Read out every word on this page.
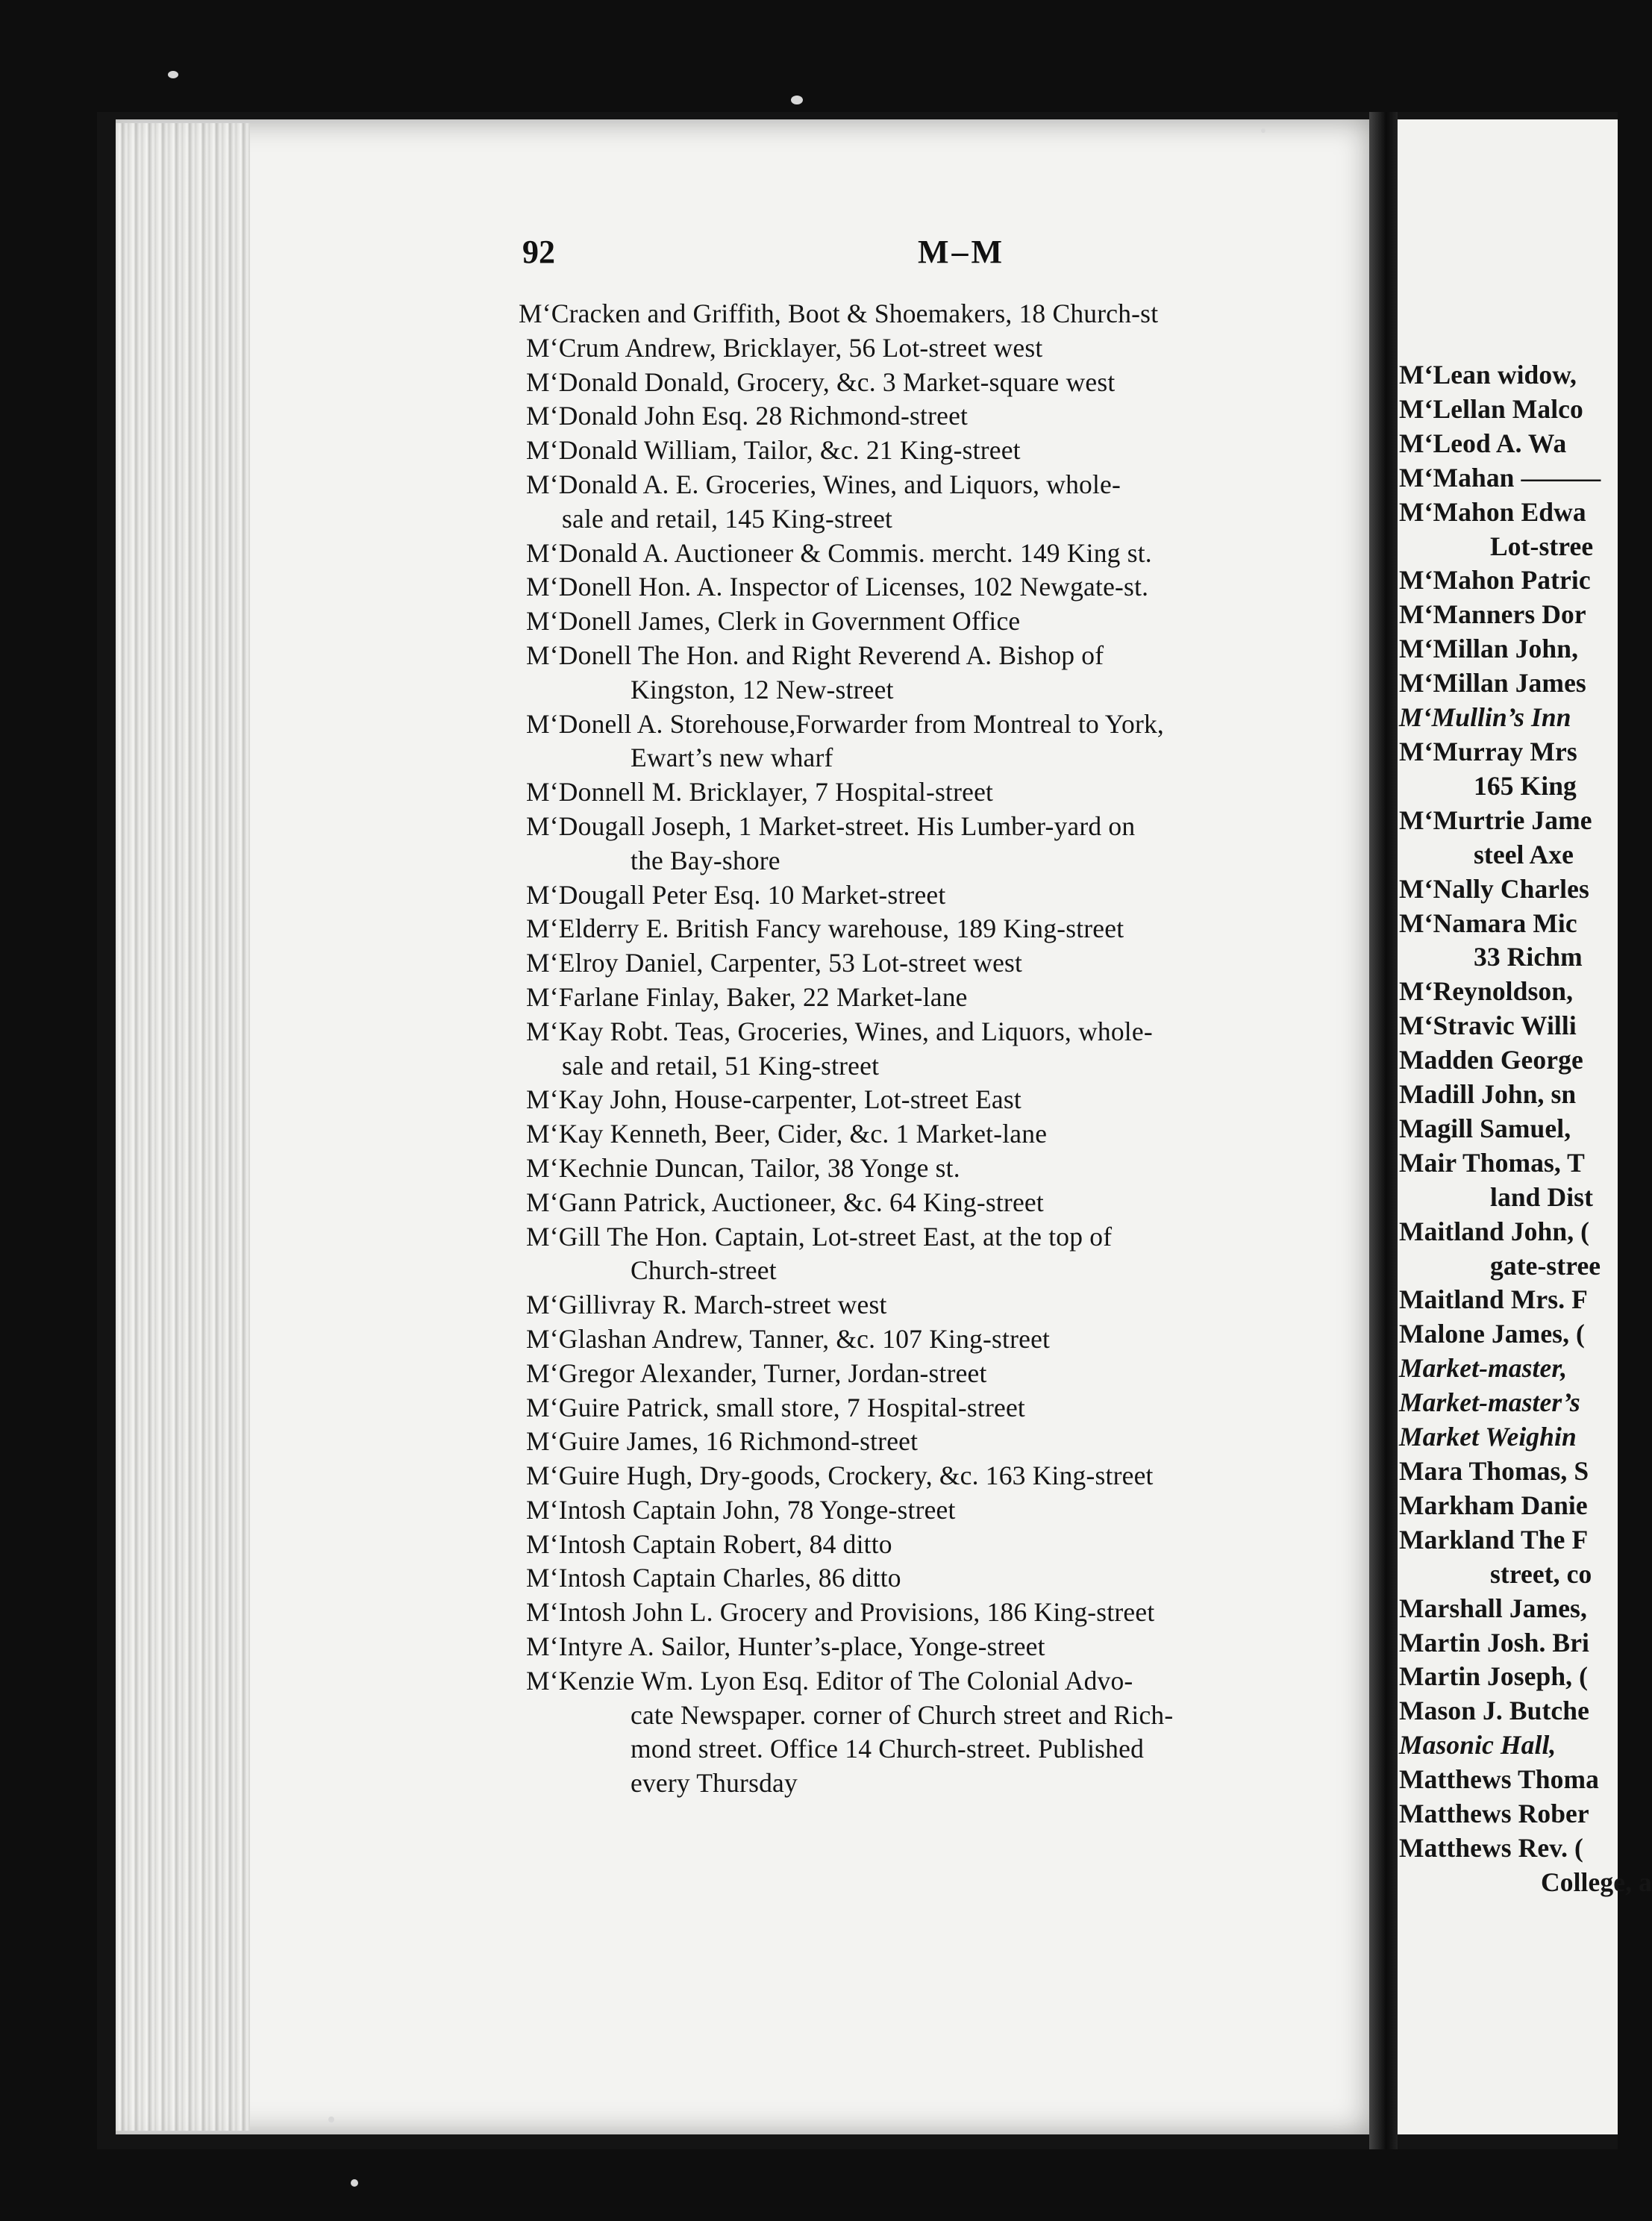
92	M–M
M‘Cracken and Griffith, Boot & Shoemakers, 18 Church-st
M‘Crum Andrew, Bricklayer, 56 Lot-street west
M‘Donald Donald, Grocery, &c. 3 Market-square west
M‘Donald John Esq. 28 Richmond-street
M‘Donald William, Tailor, &c. 21 King-street
M‘Donald A. E. Groceries, Wines, and Liquors, whole-
sale and retail, 145 King-street
M‘Donald A. Auctioneer & Commis. mercht. 149 King st.
M‘Donell Hon. A. Inspector of Licenses, 102 Newgate-st.
M‘Donell James, Clerk in Government Office
M‘Donell The Hon. and Right Reverend A. Bishop of
Kingston, 12 New-street
M‘Donell A. Storehouse,Forwarder from Montreal to York,
Ewart’s new wharf
M‘Donnell M. Bricklayer, 7 Hospital-street
M‘Dougall Joseph, 1 Market-street. His Lumber-yard on
the Bay-shore
M‘Dougall Peter Esq. 10 Market-street
M‘Elderry E. British Fancy warehouse, 189 King-street
M‘Elroy Daniel, Carpenter, 53 Lot-street west
M‘Farlane Finlay, Baker, 22 Market-lane
M‘Kay Robt. Teas, Groceries, Wines, and Liquors, whole-
sale and retail, 51 King-street
M‘Kay John, House-carpenter, Lot-street East
M‘Kay Kenneth, Beer, Cider, &c. 1 Market-lane
M‘Kechnie Duncan, Tailor, 38 Yonge st.
M‘Gann Patrick, Auctioneer, &c. 64 King-street
M‘Gill The Hon. Captain, Lot-street East, at the top of
Church-street
M‘Gillivray R. March-street west
M‘Glashan Andrew, Tanner, &c. 107 King-street
M‘Gregor Alexander, Turner, Jordan-street
M‘Guire Patrick, small store, 7 Hospital-street
M‘Guire James, 16 Richmond-street
M‘Guire Hugh, Dry-goods, Crockery, &c. 163 King-street
M‘Intosh Captain John, 78 Yonge-street
M‘Intosh Captain Robert, 84 ditto
M‘Intosh Captain Charles, 86 ditto
M‘Intosh John L. Grocery and Provisions, 186 King-street
M‘Intyre A. Sailor, Hunter’s-place, Yonge-street
M‘Kenzie Wm. Lyon Esq. Editor of The Colonial Advo-
cate Newspaper. corner of Church street and Rich-
mond street. Office 14 Church-street. Published
every Thursday
M‘Lean widow,
M‘Lellan Malco
M‘Leod A. Wa
M‘Mahan ———
M‘Mahon Edwa
Lot-stree
M‘Mahon Patric
M‘Manners Dor
M‘Millan John,
M‘Millan James
M‘Mullin’s Inn
M‘Murray Mrs
165 King
M‘Murtrie Jame
steel Axe
M‘Nally Charles
M‘Namara Mic
33 Richm
M‘Reynoldson,
M‘Stravic Willi
Madden George
Madill John, sn
Magill Samuel,
Mair Thomas, T
land Dist
Maitland John, (
gate-stree
Maitland Mrs. F
Malone James, (
Market-master,
Market-master’s
Market Weighin
Mara Thomas, S
Markham Danie
Markland The F
street, co
Marshall James,
Martin Josh. Bri
Martin Joseph, (
Mason J. Butche
Masonic Hall,
Matthews Thoma
Matthews Rober
Matthews Rev. (
College, a
